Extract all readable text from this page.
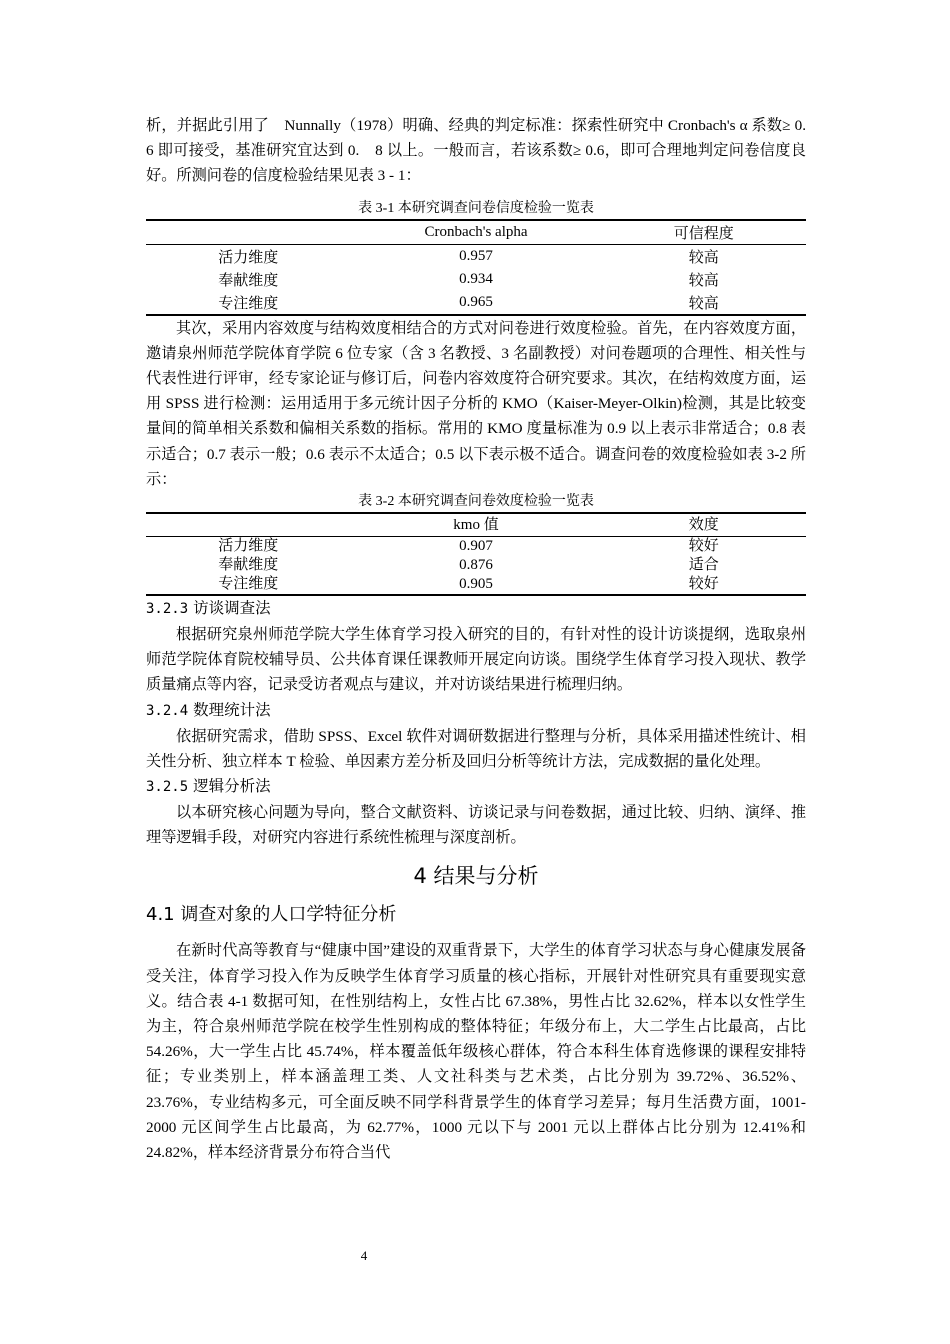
析，并据此引用了　Nunnally（1978）明确、经典的判定标准：探索性研究中 Cronbach's α 系数≥ 0.　6 即可接受，基准研究宜达到 0.　8 以上。一般而言，若该系数≥ 0.6，即可合理地判定问卷信度良好。所测问卷的信度检验结果见表 3 - 1：

表 3-1 本研究调查问卷信度检验一览表
	Cronbach's alpha	可信程度
活力维度	0.957	较高
奉献维度	0.934	较高
专注维度	0.965	较高

其次，采用内容效度与结构效度相结合的方式对问卷进行效度检验。首先，在内容效度方面，邀请泉州师范学院体育学院 6 位专家（含 3 名教授、3 名副教授）对问卷题项的合理性、相关性与代表性进行评审，经专家论证与修订后，问卷内容效度符合研究要求。其次，在结构效度方面，运用 SPSS 进行检测：运用适用于多元统计因子分析的 KMO（Kaiser-Meyer-Olkin)检测，其是比较变量间的简单相关系数和偏相关系数的指标。常用的 KMO 度量标准为 0.9 以上表示非常适合；0.8 表示适合；0.7 表示一般；0.6 表示不太适合；0.5 以下表示极不适合。调查问卷的效度检验如表 3-2 所示：

表 3-2 本研究调查问卷效度检验一览表
	kmo 值	效度
活力维度	0.907	较好
奉献维度	0.876	适合
专注维度	0.905	较好
3.2.3 访谈调查法

根据研究泉州师范学院大学生体育学习投入研究的目的，有针对性的设计访谈提纲，选取泉州师范学院体育院校辅导员、公共体育课任课教师开展定向访谈。围绕学生体育学习投入现状、教学质量痛点等内容，记录受访者观点与建议，并对访谈结果进行梳理归纳。

3.2.4 数理统计法

依据研究需求，借助 SPSS、Excel 软件对调研数据进行整理与分析，具体采用描述性统计、相关性分析、独立样本 T 检验、单因素方差分析及回归分析等统计方法，完成数据的量化处理。

3.2.5 逻辑分析法

以本研究核心问题为导向，整合文献资料、访谈记录与问卷数据，通过比较、归纳、演绎、推理等逻辑手段，对研究内容进行系统性梳理与深度剖析。

4 结果与分析
4.1 调查对象的人口学特征分析

在新时代高等教育与“健康中国”建设的双重背景下，大学生的体育学习状态与身心健康发展备受关注，体育学习投入作为反映学生体育学习质量的核心指标，开展针对性研究具有重要现实意义。结合表 4-1 数据可知，在性别结构上，女性占比 67.38%，男性占比 32.62%，样本以女性学生为主，符合泉州师范学院在校学生性别构成的整体特征；年级分布上，大二学生占比最高，占比 54.26%，大一学生占比 45.74%，样本覆盖低年级核心群体，符合本科生体育选修课的课程安排特征；专业类别上，样本涵盖理工类、人文社科类与艺术类，占比分别为 39.72%、36.52%、23.76%，专业结构多元，可全面反映不同学科背景学生的体育学习差异；每月生活费方面，1001-2000 元区间学生占比最高，为 62.77%，1000 元以下与 2001 元以上群体占比分别为 12.41%和 24.82%，样本经济背景分布符合当代

4
